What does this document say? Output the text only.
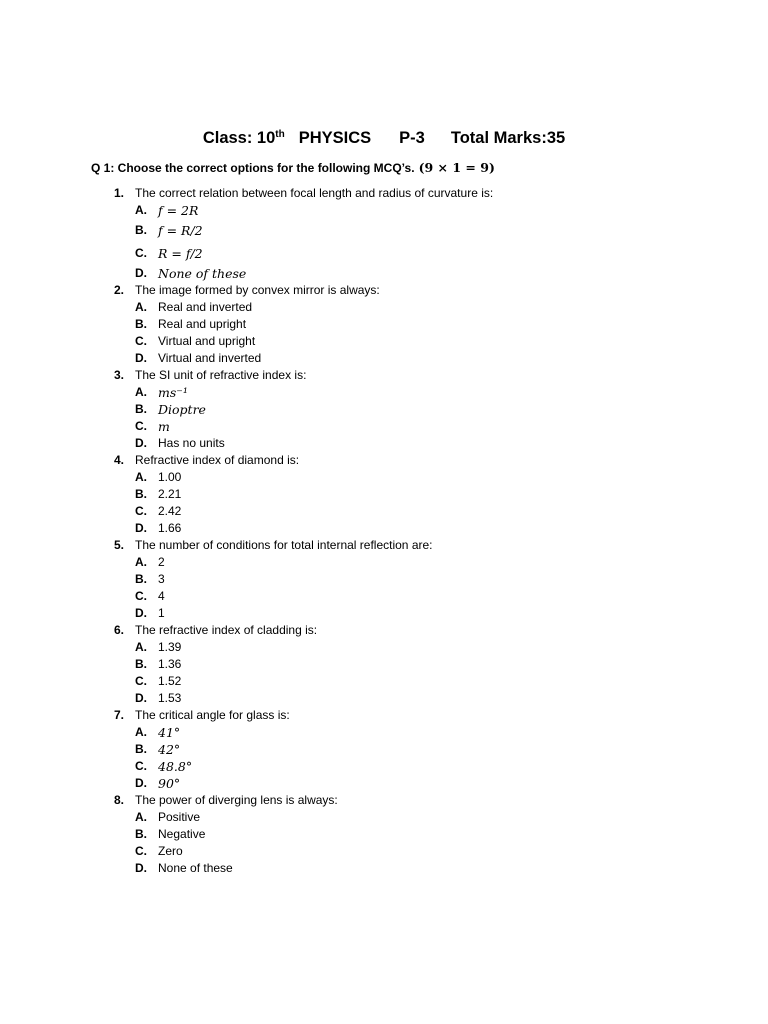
Class: 10th PHYSICS P-3 Total Marks:35
Q 1: Choose the correct options for the following MCQ’s. (9 × 1 = 9)
1. The correct relation between focal length and radius of curvature is:
A. f = 2R
B. f = R/2
C. R = f/2
D. None of these
2. The image formed by convex mirror is always:
A. Real and inverted
B. Real and upright
C. Virtual and upright
D. Virtual and inverted
3. The SI unit of refractive index is:
A. ms⁻¹
B. Dioptre
C. m
D. Has no units
4. Refractive index of diamond is:
A. 1.00
B. 2.21
C. 2.42
D. 1.66
5. The number of conditions for total internal reflection are:
A. 2
B. 3
C. 4
D. 1
6. The refractive index of cladding is:
A. 1.39
B. 1.36
C. 1.52
D. 1.53
7. The critical angle for glass is:
A. 41°
B. 42°
C. 48.8°
D. 90°
8. The power of diverging lens is always:
A. Positive
B. Negative
C. Zero
D. None of these
